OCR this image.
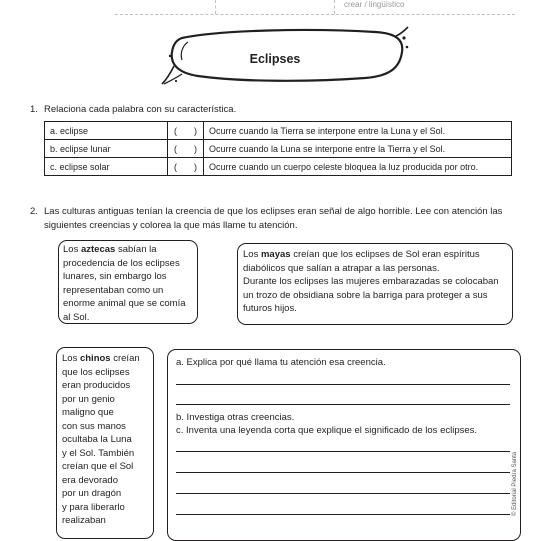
crear / lingüístico
Eclipses
1. Relaciona cada palabra con su característica.
a. eclipse	( )	Ocurre cuando la Tierra se interpone entre la Luna y el Sol.
b. eclipse lunar	( )	Ocurre cuando la Luna se interpone entre la Tierra y el Sol.
c. eclipse solar	( )	Ocurre cuando un cuerpo celeste bloquea la luz producida por otro.
2. Las culturas antiguas tenían la creencia de que los eclipses eran señal de algo horrible. Lee con atención las
siguientes creencias y colorea la que más llame tu atención.
Los aztecas sabían la
procedencia de los eclipses
lunares, sin embargo los
representaban como un
enorme animal que se comía
al Sol.
Los mayas creían que los eclipses de Sol eran espíritus
diabólicos que salían a atrapar a las personas.
Durante los eclipses las mujeres embarazadas se colocaban
un trozo de obsidiana sobre la barriga para proteger a sus
futuros hijos.
Los chinos creían
que los eclipses
eran producidos
por un genio
maligno que
con sus manos
ocultaba la Luna
y el Sol. También
creían que el Sol
era devorado
por un dragón
y para liberarlo
realizaban
a. Explica por qué llama tu atención esa creencia.
b. Investiga otras creencias.
c. Inventa una leyenda corta que explique el significado de los eclipses.
© Editorial Piedra Santa
